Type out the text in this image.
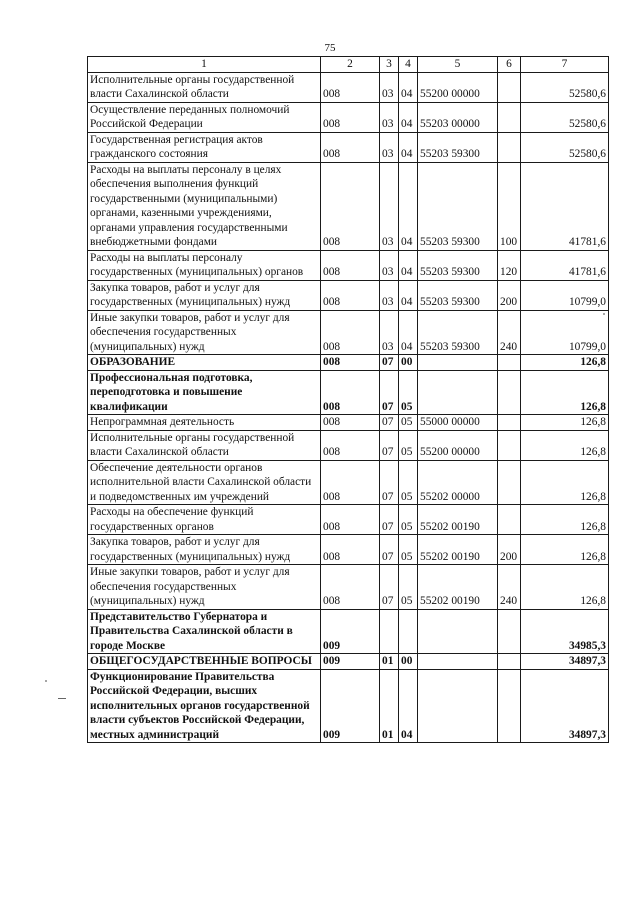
75
1	2	3	4	5	6	7
Исполнительные органы государственной власти Сахалинской области	008	03	04	55200 00000		52580,6
Осуществление переданных полномочий Российской Федерации	008	03	04	55203 00000		52580,6
Государственная регистрация актов гражданского состояния	008	03	04	55203 59300		52580,6
Расходы на выплаты персоналу в целях обеспечения выполнения функций государственными (муниципальными) органами, казенными учреждениями, органами управления государственными внебюджетными фондами	008	03	04	55203 59300	100	41781,6
Расходы на выплаты персоналу государственных (муниципальных) органов	008	03	04	55203 59300	120	41781,6
Закупка товаров, работ и услуг для государственных (муниципальных) нужд	008	03	04	55203 59300	200	10799,0
Иные закупки товаров, работ и услуг для обеспечения государственных (муниципальных) нужд	008	03	04	55203 59300	240	10799,0
ОБРАЗОВАНИЕ	008	07	00			126,8
Профессиональная подготовка, переподготовка и повышение квалификации	008	07	05			126,8
Непрограммная деятельность	008	07	05	55000 00000		126,8
Исполнительные органы государственной власти Сахалинской области	008	07	05	55200 00000		126,8
Обеспечение деятельности органов исполнительной власти Сахалинской области и подведомственных им учреждений	008	07	05	55202 00000		126,8
Расходы на обеспечение функций государственных органов	008	07	05	55202 00190		126,8
Закупка товаров, работ и услуг для государственных (муниципальных) нужд	008	07	05	55202 00190	200	126,8
Иные закупки товаров, работ и услуг для обеспечения государственных (муниципальных) нужд	008	07	05	55202 00190	240	126,8
Представительство Губернатора и Правительства Сахалинской области в городе Москве	009					34985,3
ОБЩЕГОСУДАРСТВЕННЫЕ ВОПРОСЫ	009	01	00			34897,3
Функционирование Правительства Российской Федерации, высших исполнительных органов государственной власти субъектов Российской Федерации, местных администраций	009	01	04			34897,3
